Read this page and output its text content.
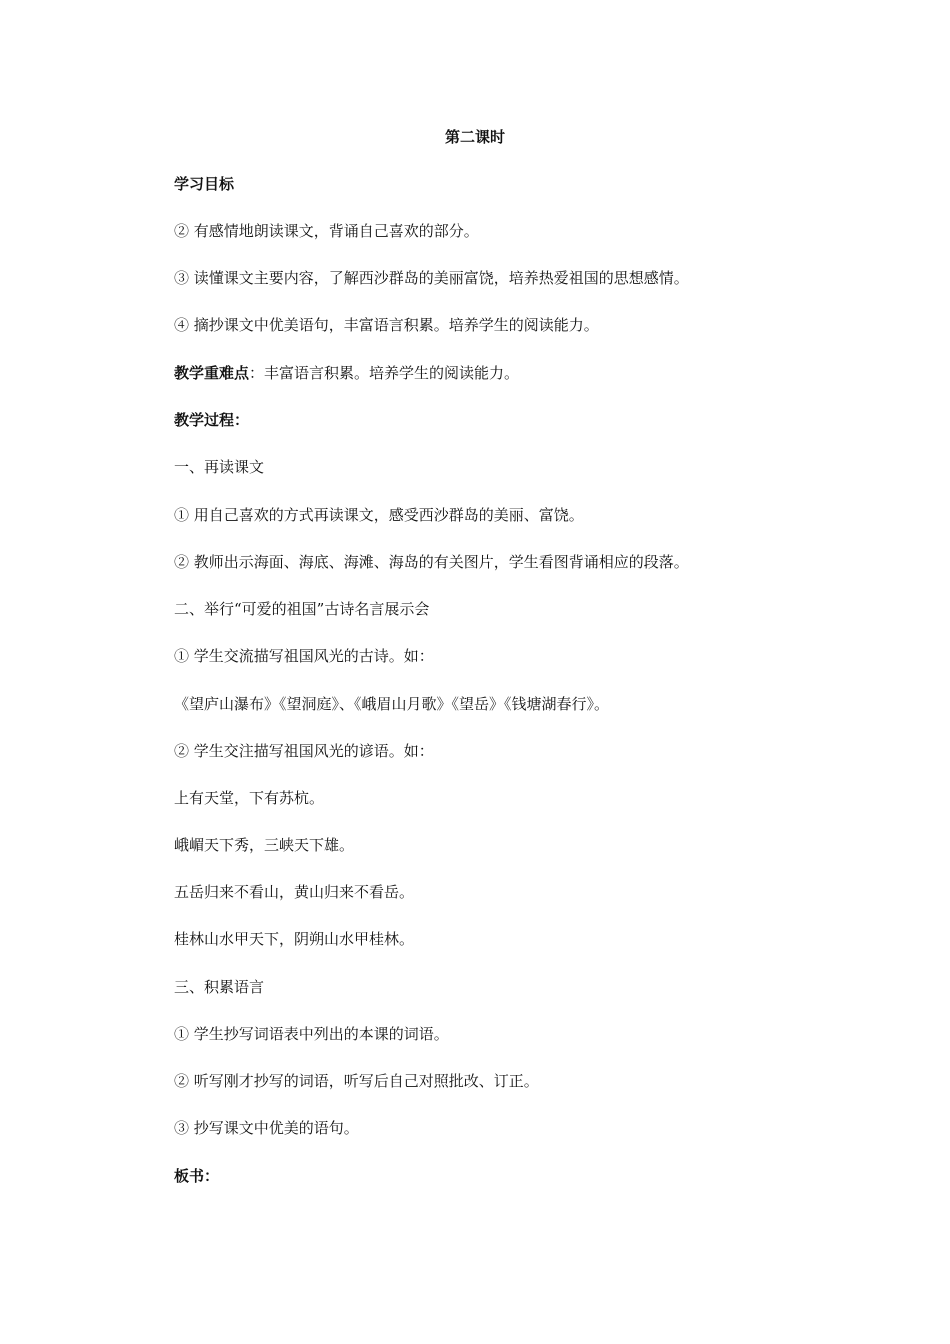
第二课时
学习目标
② 有感情地朗读课文，背诵自己喜欢的部分。
③ 读懂课文主要内容，了解西沙群岛的美丽富饶，培养热爱祖国的思想感情。
④ 摘抄课文中优美语句，丰富语言积累。培养学生的阅读能力。
教学重难点：丰富语言积累。培养学生的阅读能力。
教学过程：
一、再读课文
① 用自己喜欢的方式再读课文，感受西沙群岛的美丽、富饶。
② 教师出示海面、海底、海滩、海岛的有关图片，学生看图背诵相应的段落。
二、举行“可爱的祖国”古诗名言展示会
① 学生交流描写祖国风光的古诗。如：
《望庐山瀑布》《望洞庭》、《峨眉山月歌》《望岳》《钱塘湖春行》。
② 学生交注描写祖国风光的谚语。如：
上有天堂，下有苏杭。
峨嵋天下秀，三峡天下雄。
五岳归来不看山，黄山归来不看岳。
桂林山水甲天下，阴朔山水甲桂林。
三、积累语言
① 学生抄写词语表中列出的本课的词语。
② 听写刚才抄写的词语，听写后自己对照批改、订正。
③ 抄写课文中优美的语句。
板书：
